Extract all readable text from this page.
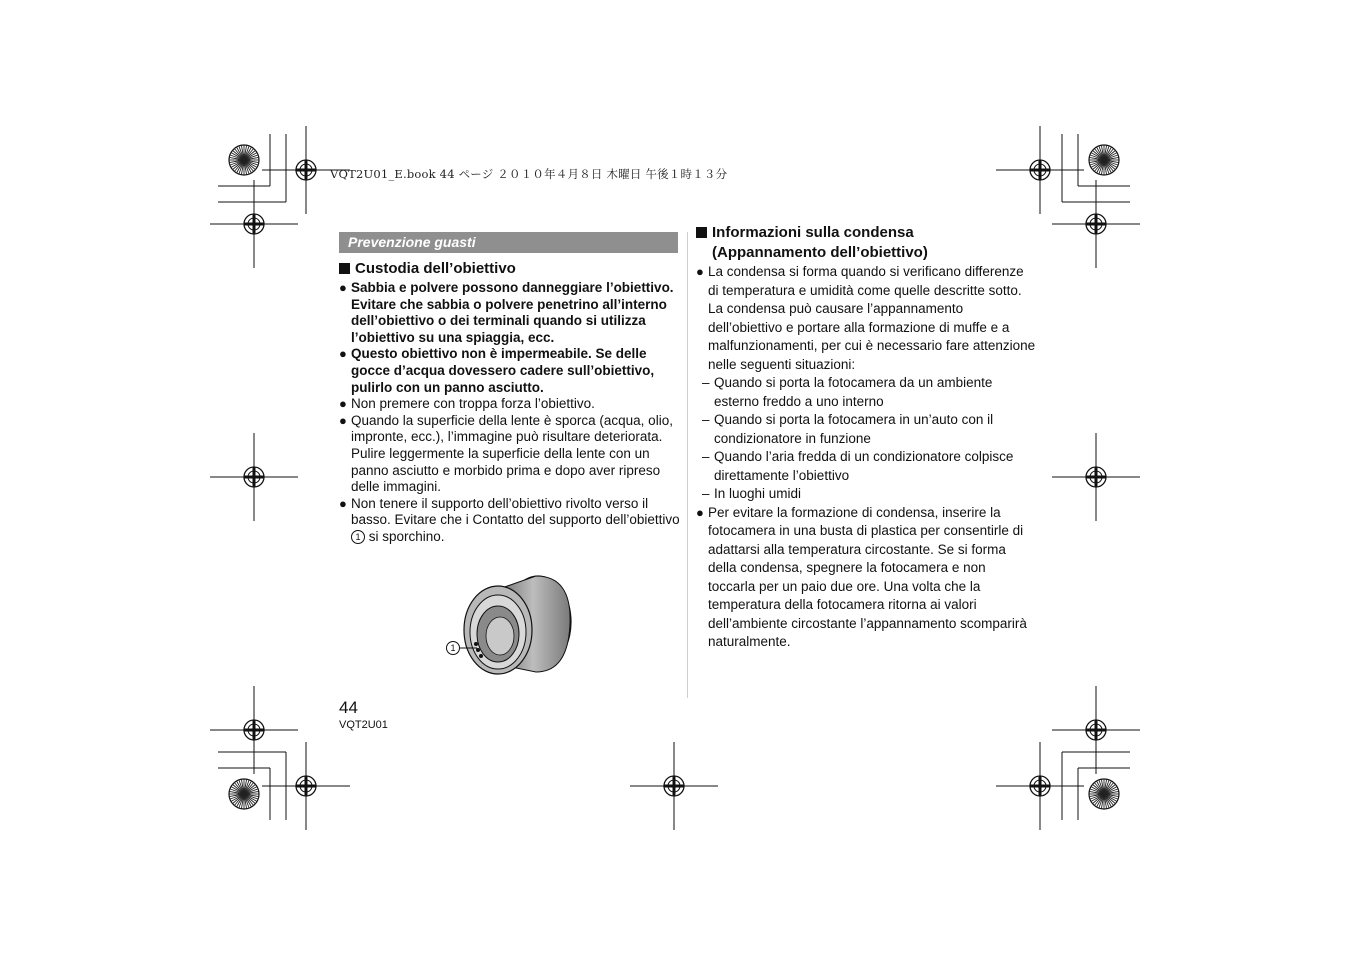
VQT2U01_E.book 44 ページ ２０１０年４月８日 木曜日 午後１時１３分
Prevenzione guasti
Custodia dell’obiettivo
● Sabbia e polvere possono danneggiare l’obiettivo. Evitare che sabbia o polvere penetrino all’interno dell’obiettivo o dei terminali quando si utilizza l’obiettivo su una spiaggia, ecc.
● Questo obiettivo non è impermeabile. Se delle gocce d’acqua dovessero cadere sull’obiettivo, pulirlo con un panno asciutto.
● Non premere con troppa forza l’obiettivo.
● Quando la superficie della lente è sporca (acqua, olio, impronte, ecc.), l’immagine può risultare deteriorata. Pulire leggermente la superficie della lente con un panno asciutto e morbido prima e dopo aver ripreso delle immagini.
● Non tenere il supporto dell’obiettivo rivolto verso il basso. Evitare che i Contatto del supporto dell’obiettivo 1 si sporchino.
1
Informazioni sulla condensa
(Appannamento dell’obiettivo)
● La condensa si forma quando si verificano differenze di temperatura e umidità come quelle descritte sotto. La condensa può causare l’appannamento dell’obiettivo e portare alla formazione di muffe e a malfunzionamenti, per cui è necessario fare attenzione nelle seguenti situazioni:
– Quando si porta la fotocamera da un ambiente esterno freddo a uno interno
– Quando si porta la fotocamera in un’auto con il condizionatore in funzione
– Quando l’aria fredda di un condizionatore colpisce direttamente l’obiettivo
– In luoghi umidi
● Per evitare la formazione di condensa, inserire la fotocamera in una busta di plastica per consentirle di adattarsi alla temperatura circostante. Se si forma della condensa, spegnere la fotocamera e non toccarla per un paio due ore. Una volta che la temperatura della fotocamera ritorna ai valori dell’ambiente circostante l’appannamento scomparirà naturalmente.
44
VQT2U01
